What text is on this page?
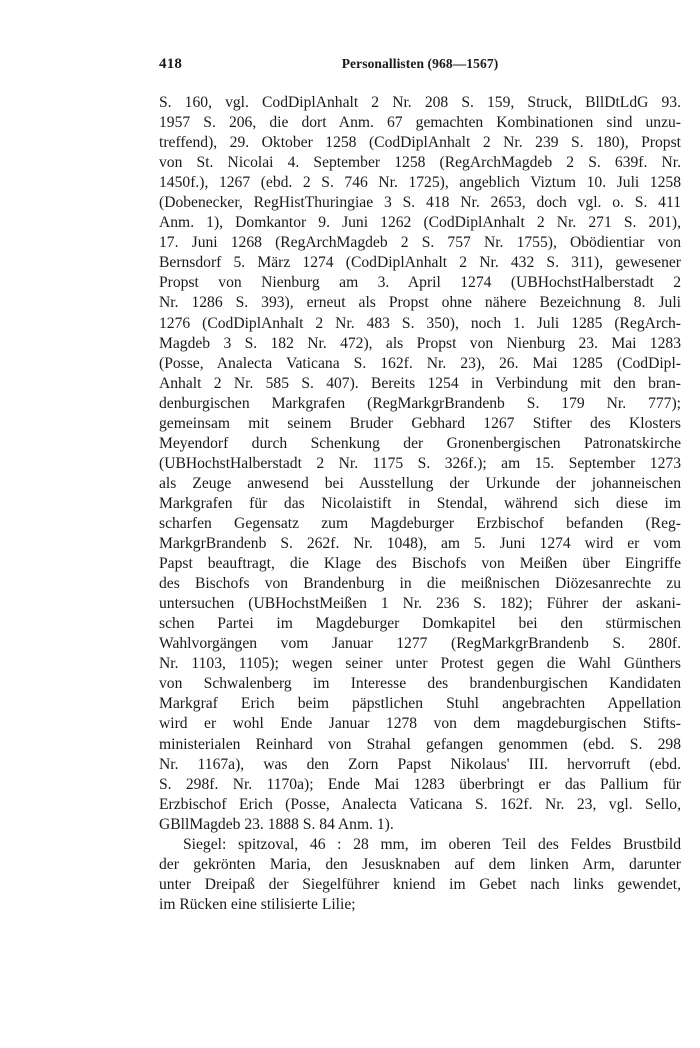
418	Personallisten (968—1567)
S. 160, vgl. CodDiplAnhalt 2 Nr. 208 S. 159, Struck, BllDtLdG 93.
1957 S. 206, die dort Anm. 67 gemachten Kombinationen sind unzu-
treffend), 29. Oktober 1258 (CodDiplAnhalt 2 Nr. 239 S. 180), Propst
von St. Nicolai 4. September 1258 (RegArchMagdeb 2 S. 639f. Nr.
1450f.), 1267 (ebd. 2 S. 746 Nr. 1725), angeblich Viztum 10. Juli 1258
(Dobenecker, RegHistThuringiae 3 S. 418 Nr. 2653, doch vgl. o. S. 411
Anm. 1), Domkantor 9. Juni 1262 (CodDiplAnhalt 2 Nr. 271 S. 201),
17. Juni 1268 (RegArchMagdeb 2 S. 757 Nr. 1755), Obödientiar von
Bernsdorf 5. März 1274 (CodDiplAnhalt 2 Nr. 432 S. 311), gewesener
Propst von Nienburg am 3. April 1274 (UBHochstHalberstadt 2
Nr. 1286 S. 393), erneut als Propst ohne nähere Bezeichnung 8. Juli
1276 (CodDiplAnhalt 2 Nr. 483 S. 350), noch 1. Juli 1285 (RegArch-
Magdeb 3 S. 182 Nr. 472), als Propst von Nienburg 23. Mai 1283
(Posse, Analecta Vaticana S. 162f. Nr. 23), 26. Mai 1285 (CodDipl-
Anhalt 2 Nr. 585 S. 407). Bereits 1254 in Verbindung mit den bran-
denburgischen Markgrafen (RegMarkgrBrandenb S. 179 Nr. 777);
gemeinsam mit seinem Bruder Gebhard 1267 Stifter des Klosters
Meyendorf durch Schenkung der Gronenbergischen Patronatskirche
(UBHochstHalberstadt 2 Nr. 1175 S. 326f.); am 15. September 1273
als Zeuge anwesend bei Ausstellung der Urkunde der johanneischen
Markgrafen für das Nicolaistift in Stendal, während sich diese im
scharfen Gegensatz zum Magdeburger Erzbischof befanden (Reg-
MarkgrBrandenb S. 262f. Nr. 1048), am 5. Juni 1274 wird er vom
Papst beauftragt, die Klage des Bischofs von Meißen über Eingriffe
des Bischofs von Brandenburg in die meißnischen Diözesanrechte zu
untersuchen (UBHochstMeißen 1 Nr. 236 S. 182); Führer der askani-
schen Partei im Magdeburger Domkapitel bei den stürmischen
Wahlvorgängen vom Januar 1277 (RegMarkgrBrandenb S. 280f.
Nr. 1103, 1105); wegen seiner unter Protest gegen die Wahl Günthers
von Schwalenberg im Interesse des brandenburgischen Kandidaten
Markgraf Erich beim päpstlichen Stuhl angebrachten Appellation
wird er wohl Ende Januar 1278 von dem magdeburgischen Stifts-
ministerialen Reinhard von Strahal gefangen genommen (ebd. S. 298
Nr. 1167a), was den Zorn Papst Nikolaus' III. hervorruft (ebd.
S. 298f. Nr. 1170a); Ende Mai 1283 überbringt er das Pallium für
Erzbischof Erich (Posse, Analecta Vaticana S. 162f. Nr. 23, vgl. Sello,
GBllMagdeb 23. 1888 S. 84 Anm. 1).
Siegel: spitzoval, 46 : 28 mm, im oberen Teil des Feldes Brustbild
der gekrönten Maria, den Jesusknaben auf dem linken Arm, darunter
unter Dreipaß der Siegelführer kniend im Gebet nach links gewendet,
im Rücken eine stilisierte Lilie;
